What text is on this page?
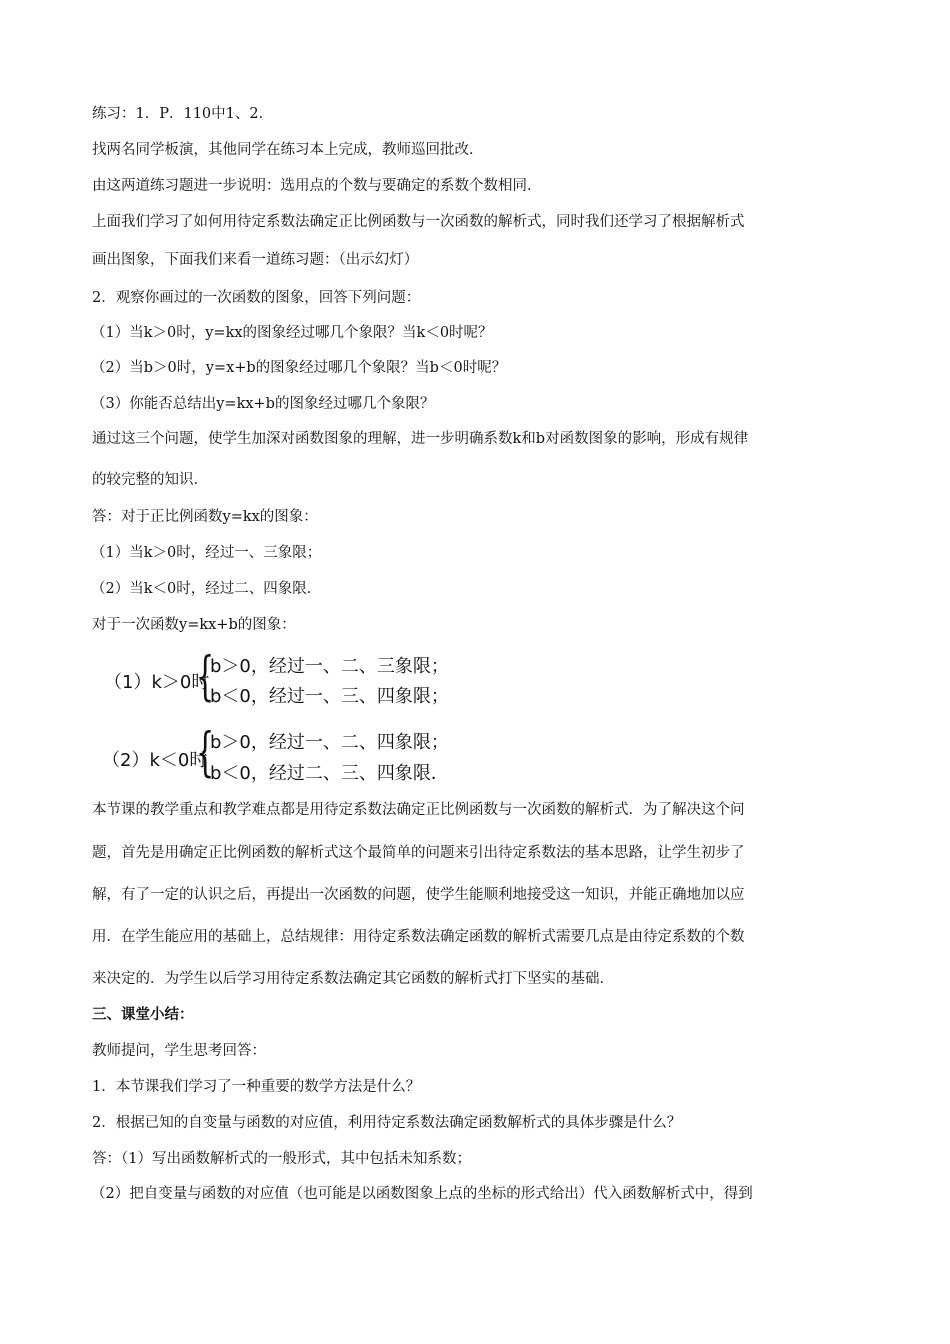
练习：1．P．110中1、2．
找两名同学板演，其他同学在练习本上完成，教师巡回批改．
由这两道练习题进一步说明：选用点的个数与要确定的系数个数相同．
上面我们学习了如何用待定系数法确定正比例函数与一次函数的解析式，同时我们还学习了根据解析式
画出图象，下面我们来看一道练习题：（出示幻灯）
2．观察你画过的一次函数的图象，回答下列问题：
（1）当k＞0时，y=kx的图象经过哪几个象限？当k＜0时呢？
（2）当b＞0时，y=x+b的图象经过哪几个象限？当b＜0时呢？
（3）你能否总结出y=kx+b的图象经过哪几个象限？
通过这三个问题，使学生加深对函数图象的理解，进一步明确系数k和b对函数图象的影响，形成有规律
的较完整的知识．
答：对于正比例函数y=kx的图象：
（1）当k＞0时，经过一、三象限；
（2）当k＜0时，经过二、四象限．
对于一次函数y=kx+b的图象：
（1）k＞0时
{
b＞0，经过一、二、三象限；
b＜0，经过一、三、四象限；
（2）k＜0时
{
b＞0，经过一、二、四象限；
b＜0，经过二、三、四象限．
本节课的教学重点和教学难点都是用待定系数法确定正比例函数与一次函数的解析式．为了解决这个问
题，首先是用确定正比例函数的解析式这个最简单的问题来引出待定系数法的基本思路，让学生初步了
解，有了一定的认识之后，再提出一次函数的问题，使学生能顺利地接受这一知识，并能正确地加以应
用．在学生能应用的基础上，总结规律：用待定系数法确定函数的解析式需要几点是由待定系数的个数
来决定的．为学生以后学习用待定系数法确定其它函数的解析式打下坚实的基础．
三、课堂小结：
教师提问，学生思考回答：
1．本节课我们学习了一种重要的数学方法是什么？
2．根据已知的自变量与函数的对应值，利用待定系数法确定函数解析式的具体步骤是什么？
答：（1）写出函数解析式的一般形式，其中包括未知系数；
（2）把自变量与函数的对应值（也可能是以函数图象上点的坐标的形式给出）代入函数解析式中，得到
